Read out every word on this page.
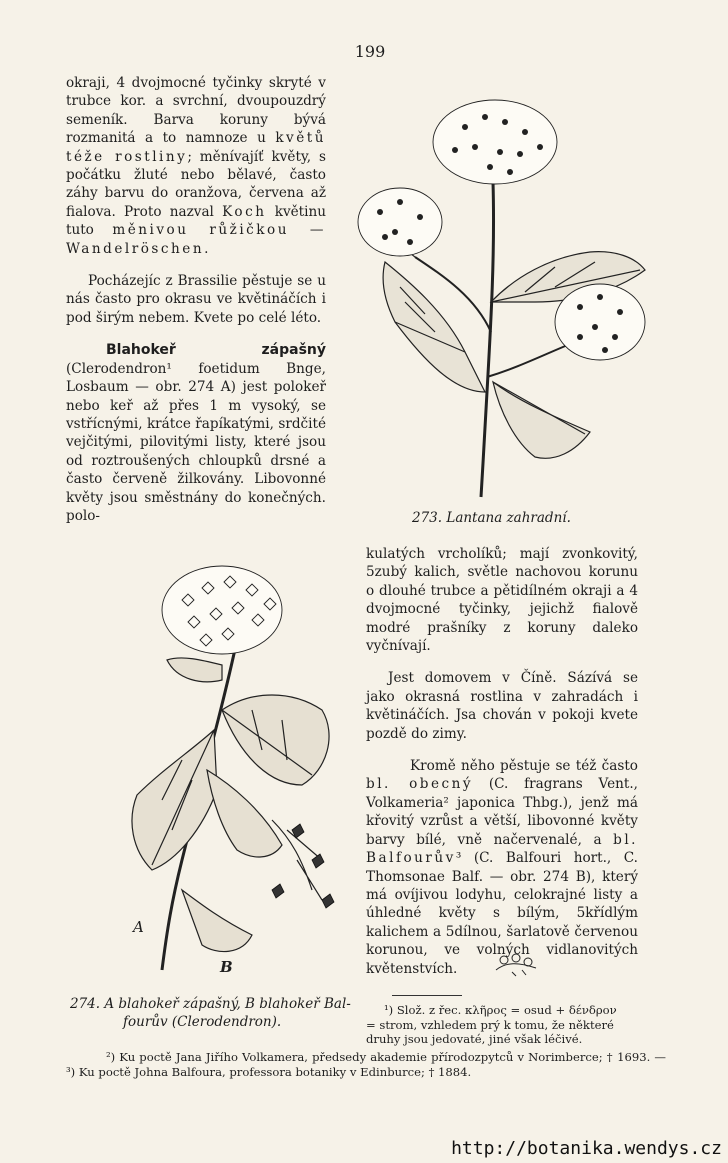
199

okraji, 4 dvojmocné tyčinky skryté v trubce kor. a svrchní, dvoupouzdrý semeník. Barva koruny bývá rozmanitá a to namnoze u květů téže rostliny; měnívajíť květy, s počátku žluté nebo bělavé, často záhy barvu do oranžova, červena až fialova. Proto nazval Koch květinu tuto měnivou růžičkou — Wandelröschen.

Pocházejíc z Brassilie pěstuje se u nás často pro okrasu ve květináčích i pod širým nebem. Kvete po celé léto.

Blahokeř zápašný (Clerodendron¹ foetidum Bnge, Losbaum — obr. 274 A) jest polokeř nebo keř až přes 1 m vysoký, se vstřícnými, krátce řapíkatými, srdčité vejčitými, pilovitými listy, které jsou od roztroušených chloupků drsné a často červeně žilkovány. Libovonné květy jsou směstnány do konečných. polo-	273. Lantana zahradní.

kulatých vrcholíků; mají zvonkovitý, 5zubý kalich, světle nachovou korunu o dlouhé trubce a pětidílném okraji a 4 dvojmocné tyčinky, jejichž fialově modré prašníky z koruny daleko vyčnívají.

Jest domovem v Číně. Sázívá se jako okrasná rostlina v zahradách i květináčích. Jsa chován v pokoji kvete pozdě do zimy.

Kromě něho pěstuje se též často bl. obecný (C. fragrans Vent., Volkameria² japonica Thbg.), jenž má křovitý vzrůst a větší, libovonné květy barvy bílé, vně načervenalé, a bl. Balfourův³ (C. Balfouri hort., C. Thomsonae Balf. — obr. 274 B), který má ovíjivou lodyhu, celokrajné listy a úhledné květy s bílým, 5křídlým kalichem a 5dílnou, šarlatově červenou korunou, ve volných vidlanovitých květenstvích.

A
B
274. A blahokeř zápašný, B blahokeř Bal-
fourův (Clerodendron).
¹) Slož. z řec. κλῆρος = osud + δένδρον
= strom, vzhledem prý k tomu, že některé
druhy jsou jedovaté, jiné však léčivé.
²) Ku poctě Jana Jiřího Volkamera, předsedy akademie přírodozpytců v Norimberce; † 1693. — ³) Ku poctě Johna Balfoura, professora botaniky v Edinburce; † 1884.
http://botanika.wendys.cz
